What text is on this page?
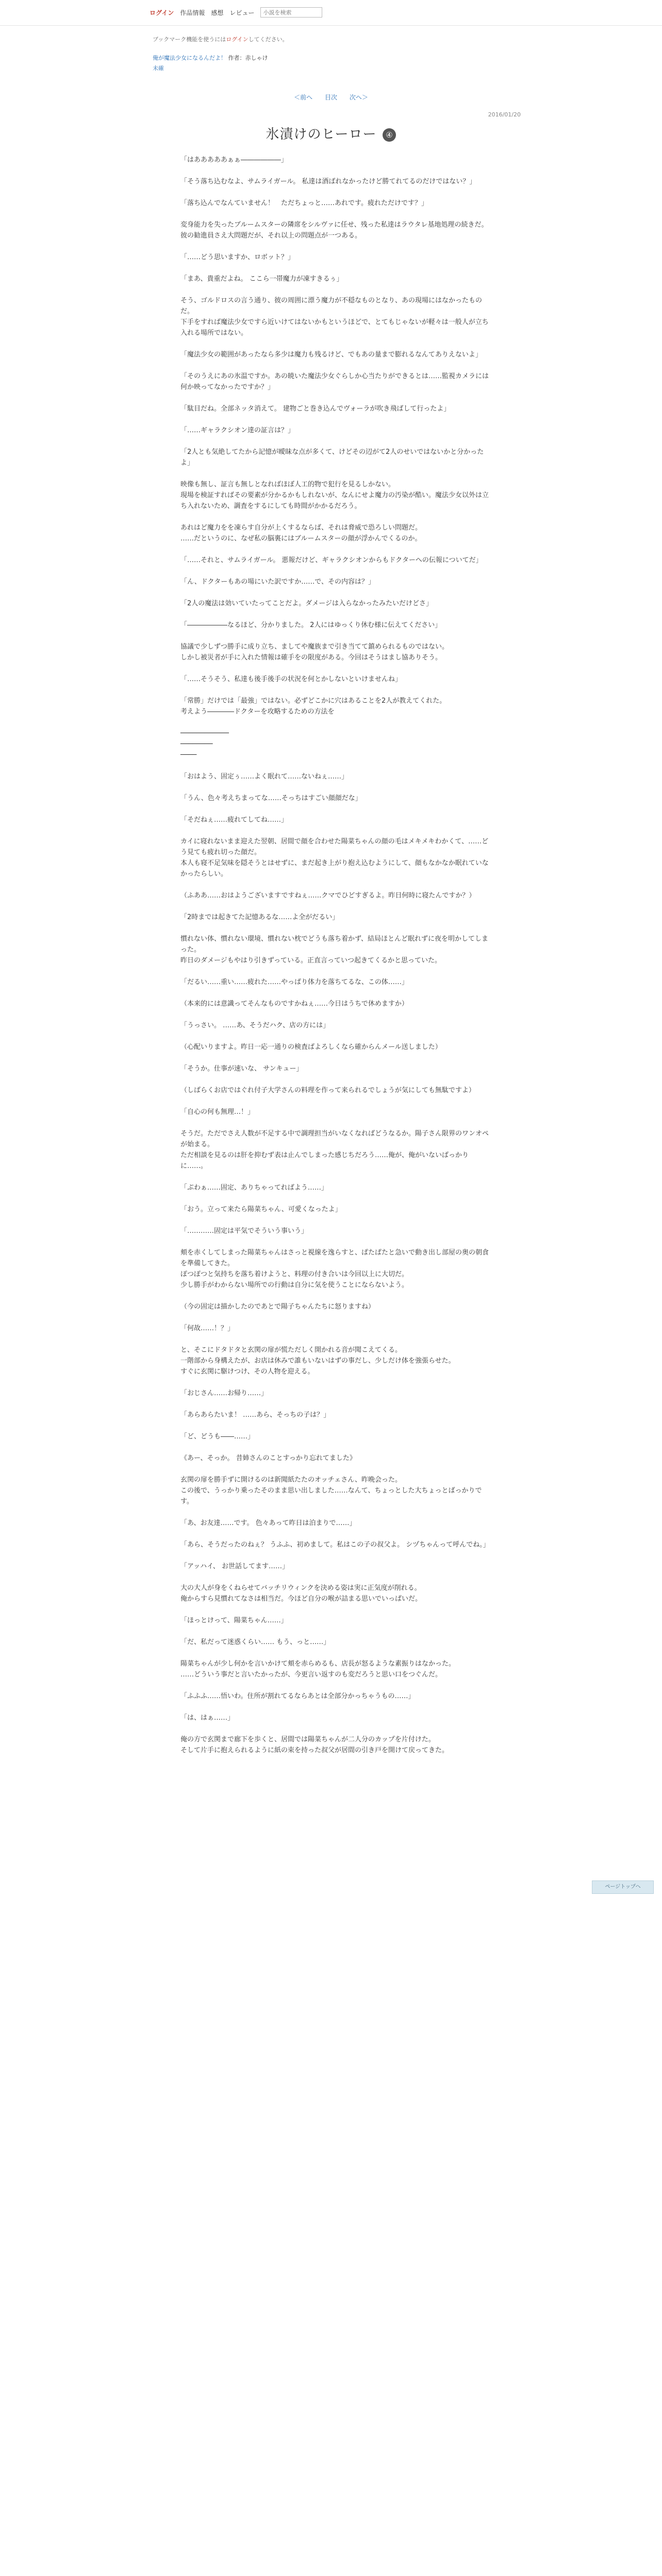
ログイン 作品情報 感想 レビュー
小説を検索
ブックマーク機能を使うにはログインしてください。
俺が魔法少女になるんだよ！ 作者：赤しゃけ
未確
＜前へ 目次 次へ＞
2016/01/20
氷漬けのヒーロー ④

「はあああああぁぁ――――――」

「そう落ち込むなよ、サムライガール。 私達は酒ばれなかったけど勝てれてるのだけではない？」

「落ち込んでなんていません！　ただちょっと……あれです。疲れただけです？」

変身能力を失ったブルームスターの隣席をシルヴァに任せ、残った私達はラウタレ基地処理の続きだ。
彼の勧進員さえ大問題だが、それ以上の問題点が一つある。

「……どう思いますか、ロボット？」

「まあ、貴重だよね。 ここら一帯魔力が凍すきるぅ」

そう、ゴルドロスの言う通り、彼の周囲に漂う魔力が不穏なものとなり、あの現場にはなかったものだ。
下手をすれば魔法少女ですら近いけてはないかもというほどで、とてもじゃないが軽々は一般人が立ち入れる場所ではない。

「魔法少女の範囲があったなら多少は魔力も残るけど、でもあの量まで膨れるなんてありえないよ」

「そのうえにあの氷温ですか。あの暁いた魔法少女ぐらしか心当たりができるとは……監視カメラには何か映ってなかったですか？」

「駄目だね。全部ネッタ消えて。 建物ごと巻き込んでヴォーラが吹き飛ばして行ったよ」

「……ギャラクシオン達の証言は？」

「2人とも気絶してたから記憶が曖昧な点が多くて、けどその辺がて2人のせいではないかと分かったよ」

映像も無し、証言も無しとなればほぼ人工的物で犯行を見るしかない。
現場を検証すればその要素が分かるかもしれないが、なんにせよ魔力の汚染が酷い。魔法少女以外は立ち入れないため、調査をするにしても時間がかかるだろう。

あれはど魔力をを凍らす自分が上くするならば、それは脅威で恐ろしい問題だ。
……だというのに、なぜ私の脳裏にはブルームスターの顔が浮かんでくるのか。

「……それと、サムライガール。 悪報だけど、ギャラクシオンからもドクターへの伝報についてだ」

「ん、ドクターもあの場にいた訳ですか……で、その内容は？」

「2人の魔法は効いていたってことだよ。ダメージは入らなかったみたいだけどさ」

「――――――なるほど、分かりました。 2人にはゆっくり休む様に伝えてください」

協議で少しずつ勝手に成り立ち、ましてや魔族まで引き当てて鎮められるものではない。
しかし被災者が手に入れた情報は確手をの限度がある。今回はそうはまし協ありそう。

「……そうそう、私達も後手後手の状況を何とかしないといけませんね」

「常勝」だけでは「最強」ではない。必ずどこかに穴はあることを2人が教えてくれた。
考えよう――――ドクターを攻略するための方法を

────────────
────────
────

「おはよう、固定ぅ……よく眠れて……ないねぇ……」

「うん、色々考えちまってな……そっちはすごい顔顔だな」

「そだねぇ……疲れてしてね……」

カイに寝れないまま迎えた翌朝、居間で顔を合わせた陽菜ちゃんの顔の毛はメキメキわかくて、……どう見ても疲れ切った顔だ。
本人も寝不足気味を隠そうとはせずに、まだ起き上がり抱え込むようにして、顔もなかなか眠れていなかったらしい。

（ふああ……おはようございますですねぇ……クマでひどすぎるよ。昨日何時に寝たんですか？）

「2時までは起きてた記憶あるな……よ全がだるい」

慣れない体、慣れない環境、慣れない枕でどうも落ち着かず、結局ほとんど眠れずに夜を明かしてしまった。
昨日のダメージもやはり引きずっている。正直言っていつ起きてくるかと思っていた。

「だるい……重い……疲れた……やっぱり体力を落ちてるな、この体……」

（本来的には意識ってそんなものですかねぇ……今日はうちで休めますか）

「うっさい。 ……あ、そうだハク、店の方には」

（心配いりますよ。昨日一応一通りの検査ばよろしくなら確からんメール送しました）

「そうか。仕事が速いな、 サンキュー」

（しばらくお店ではぐれ付子大学さんの料理を作って来られるでしょうが気にしても無駄ですよ）

「自心の何も無理…！」

そうだ。ただでさえ人数が不足する中で調理担当がいなくなればどうなるか。陽子さん限界のワンオペが始まる。
ただ相談を見るのは肝を抑むず表は止んでしまった感じちだろう……俺が、俺がいないばっかりに……。

「ぷわぁ……固定、ありちゃってればよう……」

「おう。立って来たら陽菜ちゃん、可愛くなったよ」

「…………固定は平気でそういう事いう」

頬を赤くしてしまった陽菜ちゃんはさっと視線を逸らすと、ぱたぱたと急いで動き出し部屋の奥の朝食を準備してきた。
ぽつぽつと気持ちを落ち着けようと、料理の付き合いは今回以上に大切だ。
少し勝手がわからない場所での行動は自分に気を使うことにならないよう。

（今の固定は描かしたのであとで陽子ちゃんたちに怒りますね）

「何故……！？」

と、そこにドタドタと玄関の扉が慌ただしく開かれる音が聞こえてくる。
一階部から身構えたが、お店は休みで誰もいないはずの事だし、少しだけ体を強張らせた。
すぐに玄関に駆けつけ、その人物を迎える。

「おじさん……お帰り……」

「あらあらたいま！ ……あら、そっちの子は？」

「ど、どうも――……」

《あー、そっか。 昔姉さんのことすっかり忘れてました》

玄関の扉を勝手ずに開けるのは新聞紙たたのオッチェさん、昨晩会った。
この後で、うっかり乗ったそのまま思い出しました……なんて、ちょっとした大ちょっとばっかりです。

「あ、お友達……です。 色々あって昨日は泊まりで……」

「あら、そうだったのねぇ？ うふふ、初めまして。私はこの子の叔父よ。 シヅちゃんって呼んでね。」

「アッハイ、 お世話してます……」

大の大人が身をくねらせてバッチリウィンクを決める姿は実に正気度が削れる。
俺からすら見慣れてなさは相当だ。今ほど自分の喉が詰まる思いでいっぱいだ。

「ほっとけって、陽菜ちゃん……」

「だ、私だって迷惑くらい…… もう、っと……」

陽菜ちゃんが少し何かを言いかけて頬を赤らめるも、店長が怒るような素振りはなかった。
……どういう事だと言いたかったが、今更言い返すのも変だろうと思い口をつぐんだ。

「ふふふ……悟いわ。住所が割れてるならあとは全部分かっちゃうもの……」

「は、はぁ……」

俺の方で玄関まで廊下を歩くと、居間では陽菜ちゃんが二人分のカップを片付けた。
そして片手に抱えられるように紙の束を持った叔父が居間の引き戸を開けて戻ってきた。

ページトップへ
